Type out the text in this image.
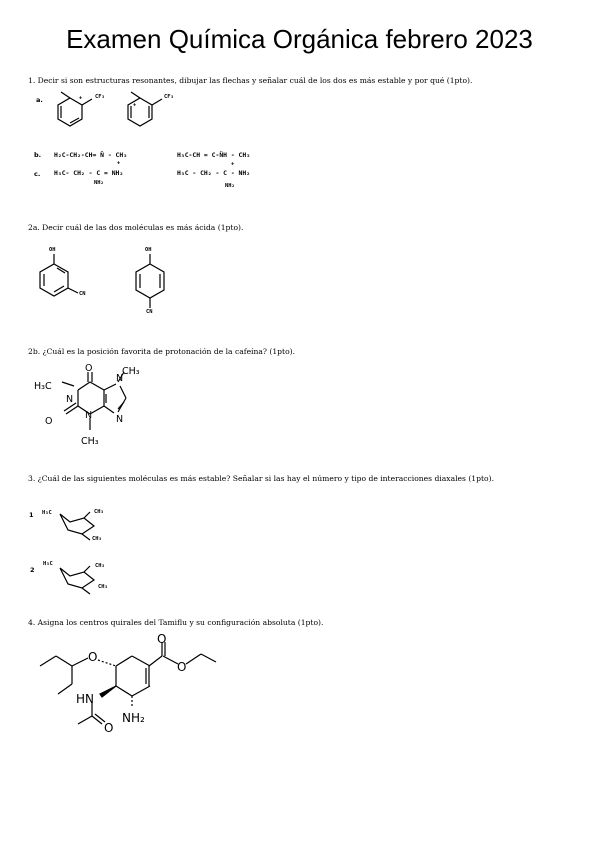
Examen Química Orgánica febrero 2023
1. Decir si son estructuras resonantes, dibujar las flechas y señalar cuál de los dos es más estable y por qué (1pto).
a.	+ CF₃
+
CF₃
b. H₂C-CH₂-CH= N̈ - CH₃	H₃C-CH = C-N̈H - CH₃
+
c. H₃C- CH₂ - C = NH₂
NH₂
+
H₃C - CH₂ - C - NH₂
NH₂
2a. Decir cuál de las dos moléculas es más ácida (1pto).
OH
CN
OH
CN
2b. ¿Cuál es la posición favorita de protonación de la cafeína? (1pto).
H₃C
N
O
N
CH₃
O
N	N
CH₃
3. ¿Cuál de las siguientes moléculas es más estable? Señalar si las hay el número y tipo de interacciones diaxales (1pto).
1 H₃C	CH₃
CH₃
2
H₃C	CH₃
CH₃
4. Asigna los centros quirales del Tamiflu y su configuración absoluta (1pto).
O
O
O
HN
O
NH₂
